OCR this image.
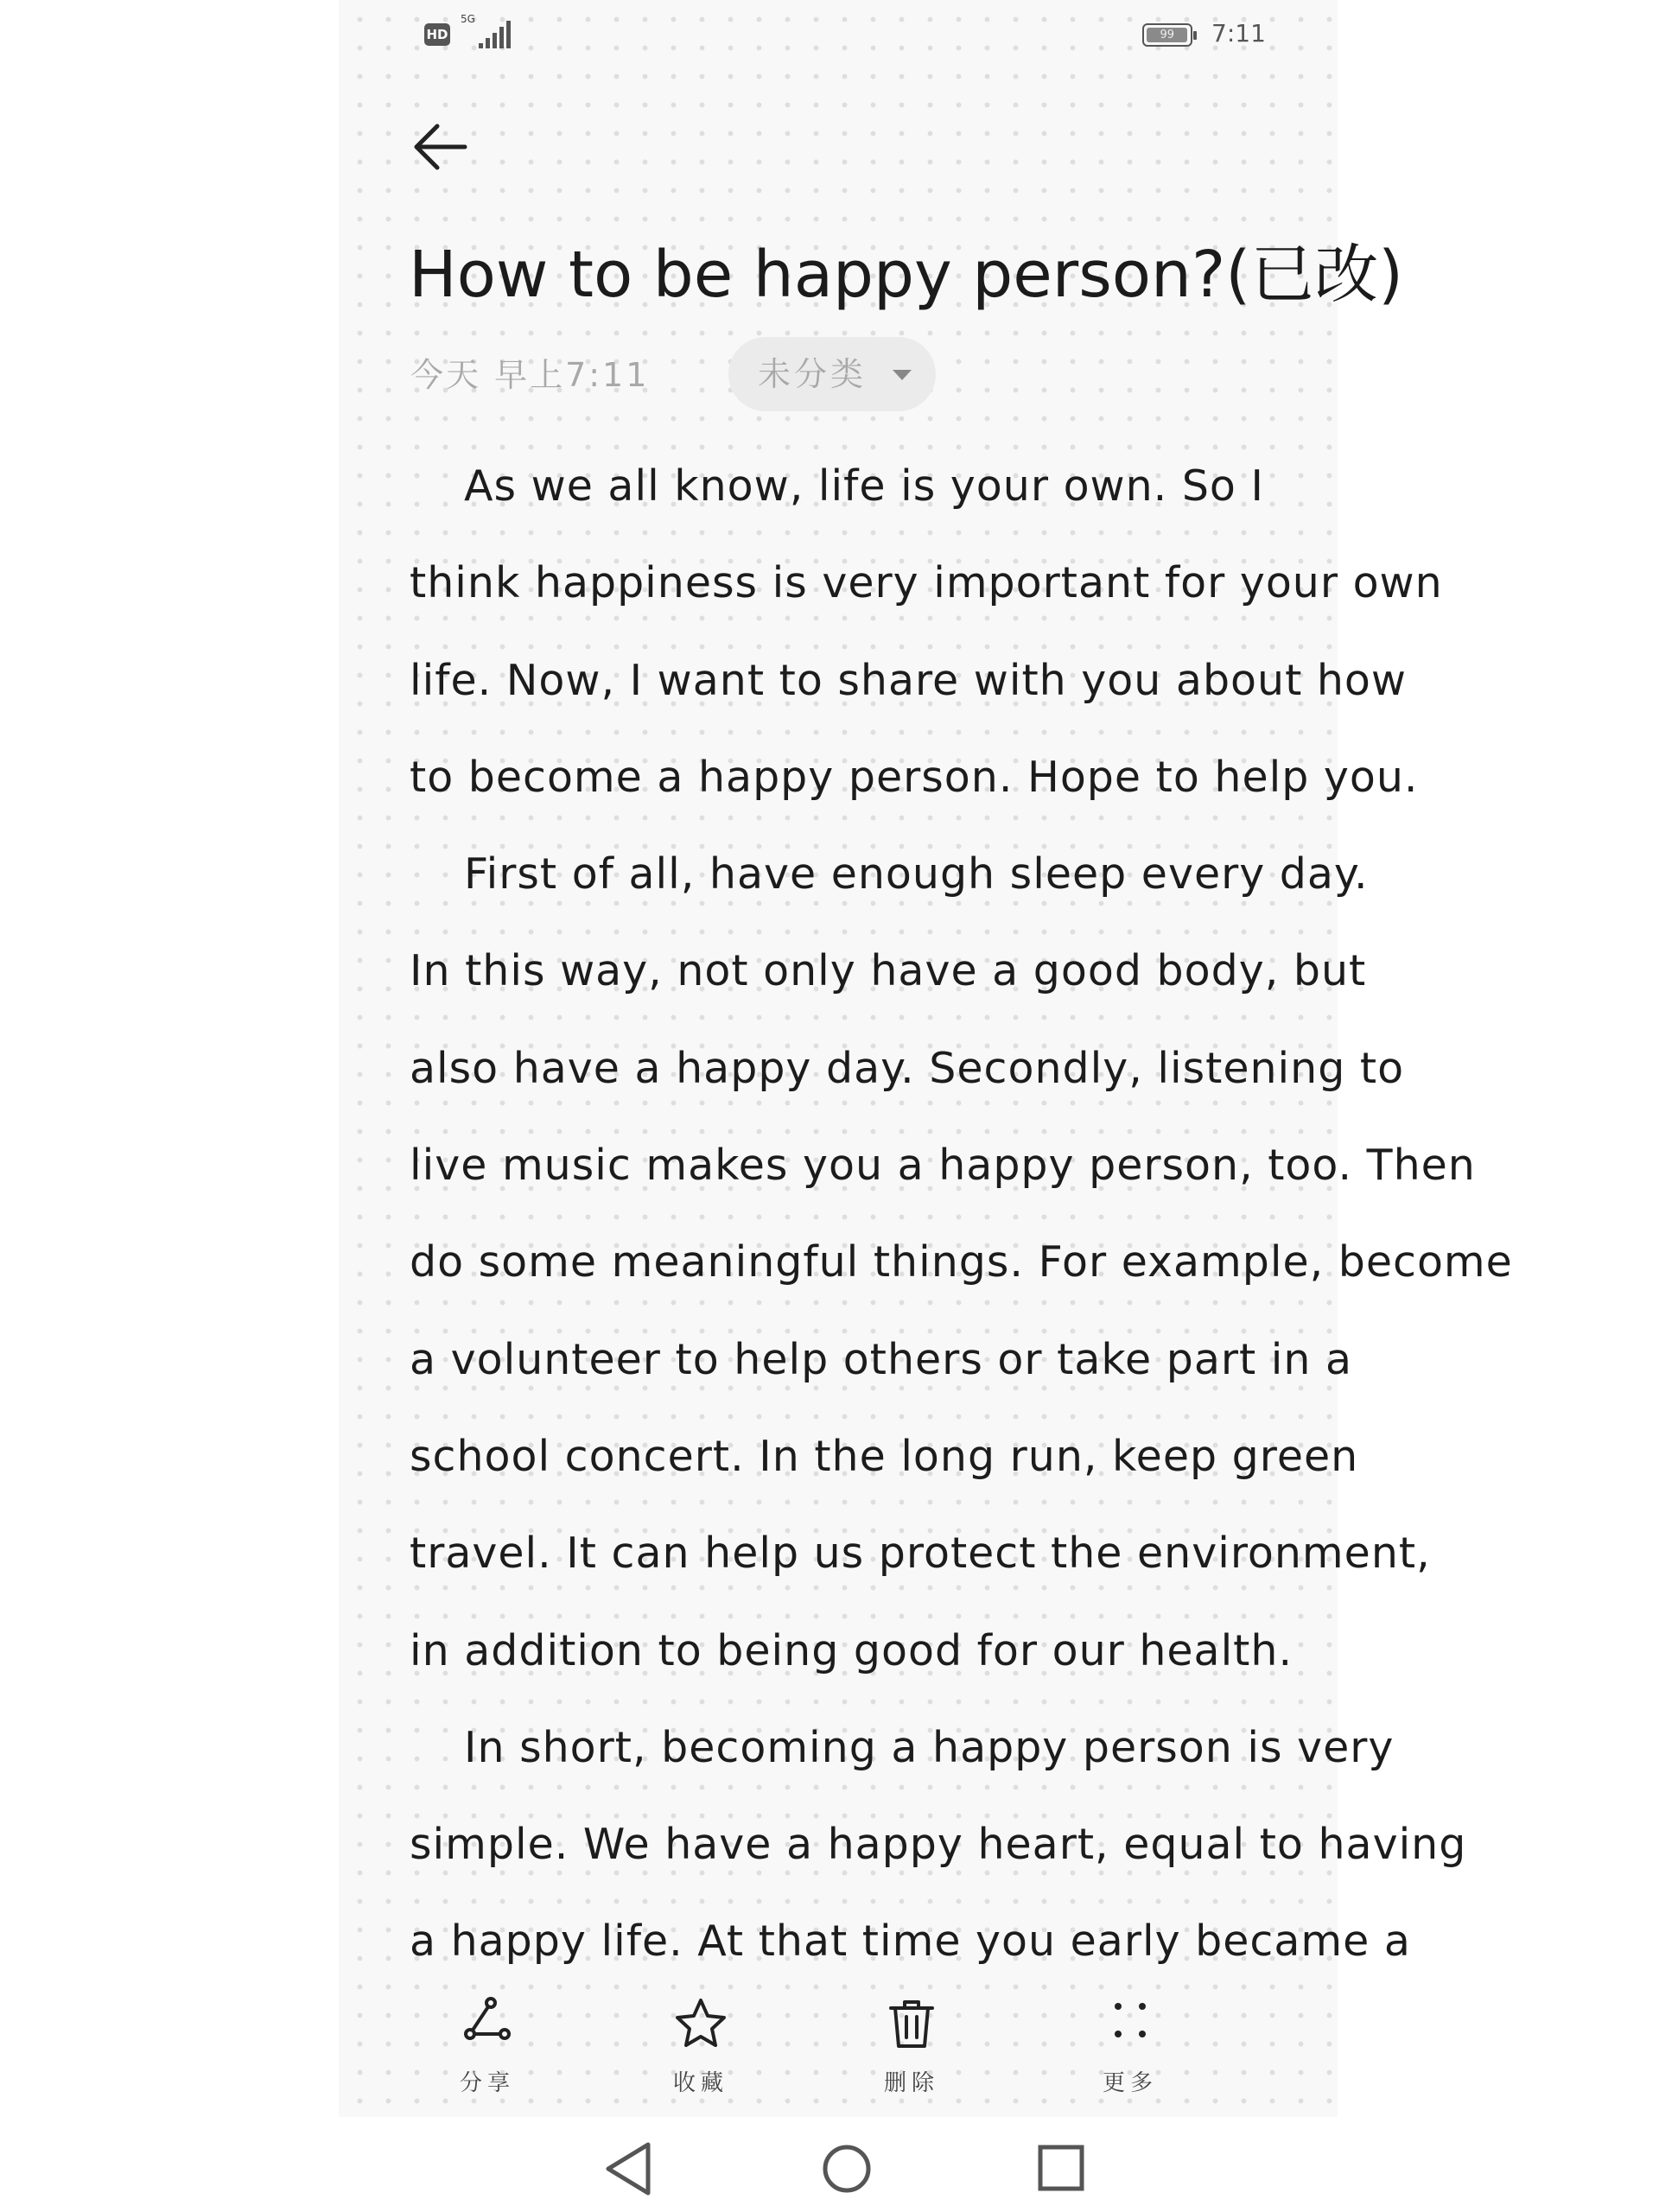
HD
5G
99	7:11
How to be happy person?(已改)
今天 早上7:11	未分类
As we all know, life is your own. So I
think happiness is very important for your own
life. Now, I want to share with you about how
to become a happy person. Hope to help you.
First of all, have enough sleep every day.
In this way, not only have a good body, but
also have a happy day. Secondly, listening to
live music makes you a happy person, too. Then
do some meaningful things. For example, become
a volunteer to help others or take part in a
school concert. In the long run, keep green
travel. It can help us protect the environment,
in addition to being good for our health.
In short, becoming a happy person is very
simple. We have a happy heart, equal to having
a happy life. At that time you early became a
分享	收藏	删除	更多
